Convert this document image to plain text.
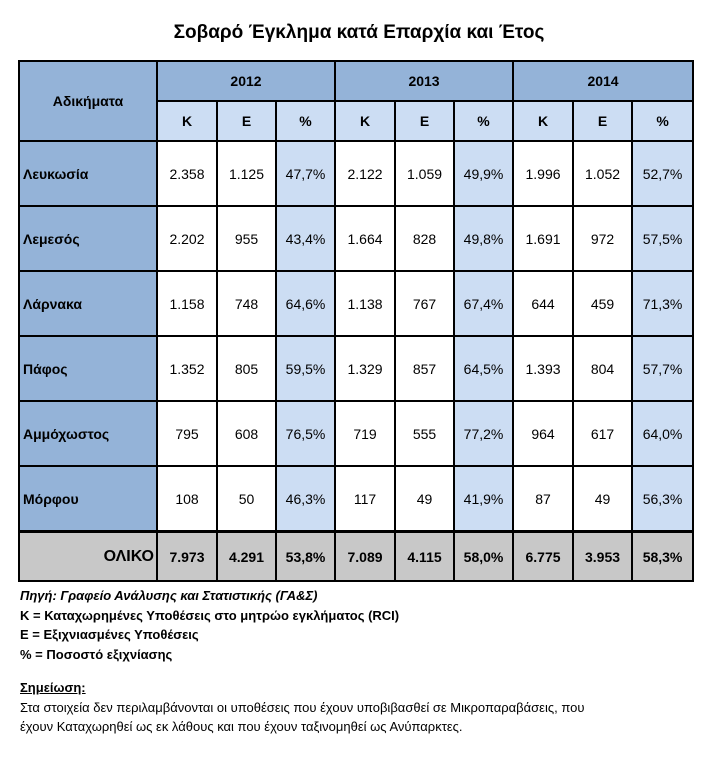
Σοβαρό Έγκλημα κατά Επαρχία και Έτος
Αδικήματα	2012			2013			2014		
	Κ	Ε	%	Κ	Ε	%	Κ	Ε	%
Λευκωσία	2.358	1.125	47,7%	2.122	1.059	49,9%	1.996	1.052	52,7%
Λεμεσός	2.202	955	43,4%	1.664	828	49,8%	1.691	972	57,5%
Λάρνακα	1.158	748	64,6%	1.138	767	67,4%	644	459	71,3%
Πάφος	1.352	805	59,5%	1.329	857	64,5%	1.393	804	57,7%
Αμμόχωστος	795	608	76,5%	719	555	77,2%	964	617	64,0%
Μόρφου	108	50	46,3%	117	49	41,9%	87	49	56,3%
ΟΛΙΚΟ	7.973	4.291	53,8%	7.089	4.115	58,0%	6.775	3.953	58,3%
Πηγή: Γραφείο Ανάλυσης και Στατιστικής (ΓΑ&Σ)
Κ = Καταχωρημένες Υποθέσεις στο μητρώο εγκλήματος (RCI)
Ε = Εξιχνιασμένες Υποθέσεις
% = Ποσοστό εξιχνίασης
Σημείωση:
Στα στοιχεία δεν περιλαμβάνονται οι υποθέσεις που έχουν υποβιβασθεί σε Μικροπαραβάσεις, που
έχουν Καταχωρηθεί ως εκ λάθους και που έχουν ταξινομηθεί ως Ανύπαρκτες.
